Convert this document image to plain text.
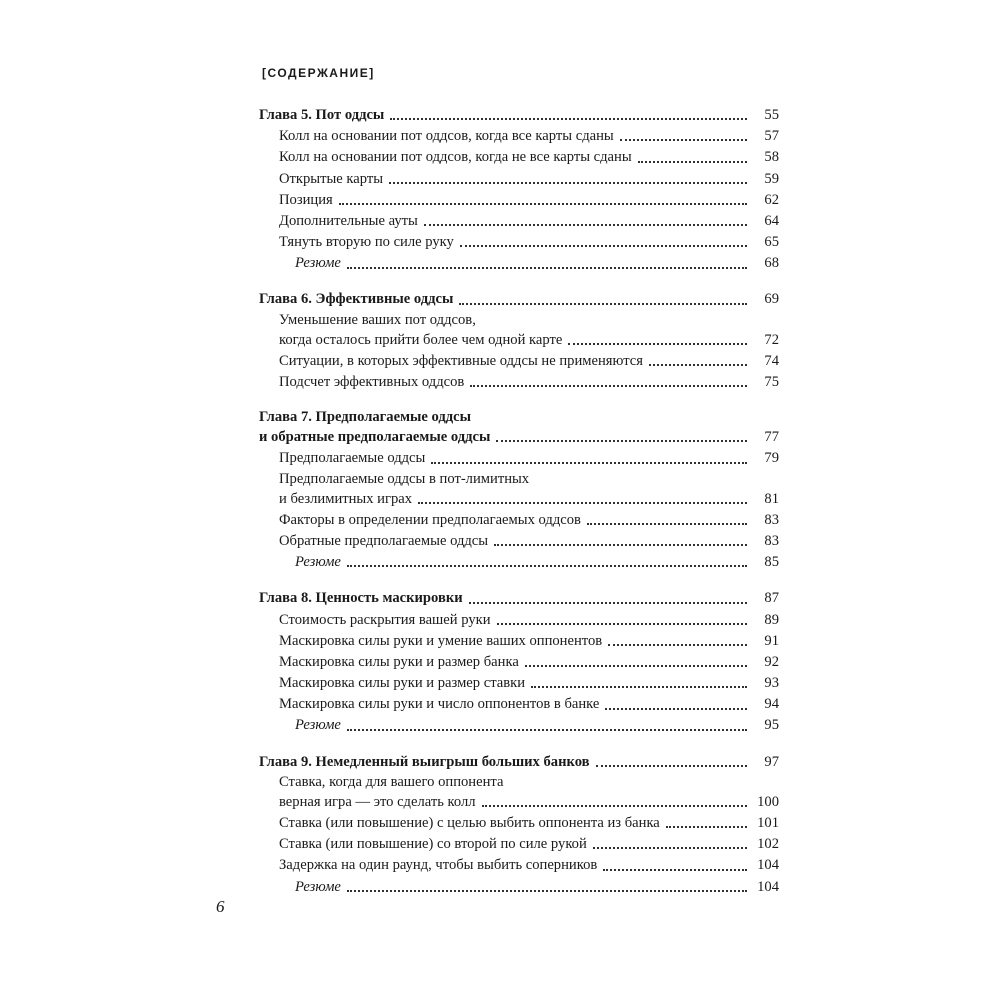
[СОДЕРЖАНИЕ]
Глава 5. Пот оддсы	55
Колл на основании пот оддсов, когда все карты сданы	57
Колл на основании пот оддсов, когда не все карты сданы	58
Открытые карты	59
Позиция	62
Дополнительные ауты	64
Тянуть вторую по силе руку	65
Резюме	68
Глава 6. Эффективные оддсы	69
Уменьшение ваших пот оддсов,
когда осталось прийти более чем одной карте	72
Ситуации, в которых эффективные оддсы не применяются	74
Подсчет эффективных оддсов	75
Глава 7. Предполагаемые оддсы
и обратные предполагаемые оддсы	77
Предполагаемые оддсы	79
Предполагаемые оддсы в пот-лимитных
и безлимитных играх	81
Факторы в определении предполагаемых оддсов	83
Обратные предполагаемые оддсы	83
Резюме	85
Глава 8. Ценность маскировки	87
Стоимость раскрытия вашей руки	89
Маскировка силы руки и умение ваших оппонентов	91
Маскировка силы руки и размер банка	92
Маскировка силы руки и размер ставки	93
Маскировка силы руки и число оппонентов в банке	94
Резюме	95
Глава 9. Немедленный выигрыш больших банков	97
Ставка, когда для вашего оппонента
верная игра — это сделать колл	100
Ставка (или повышение) с целью выбить оппонента из банка	101
Ставка (или повышение) со второй по силе рукой	102
Задержка на один раунд, чтобы выбить соперников	104
Резюме	104
6
